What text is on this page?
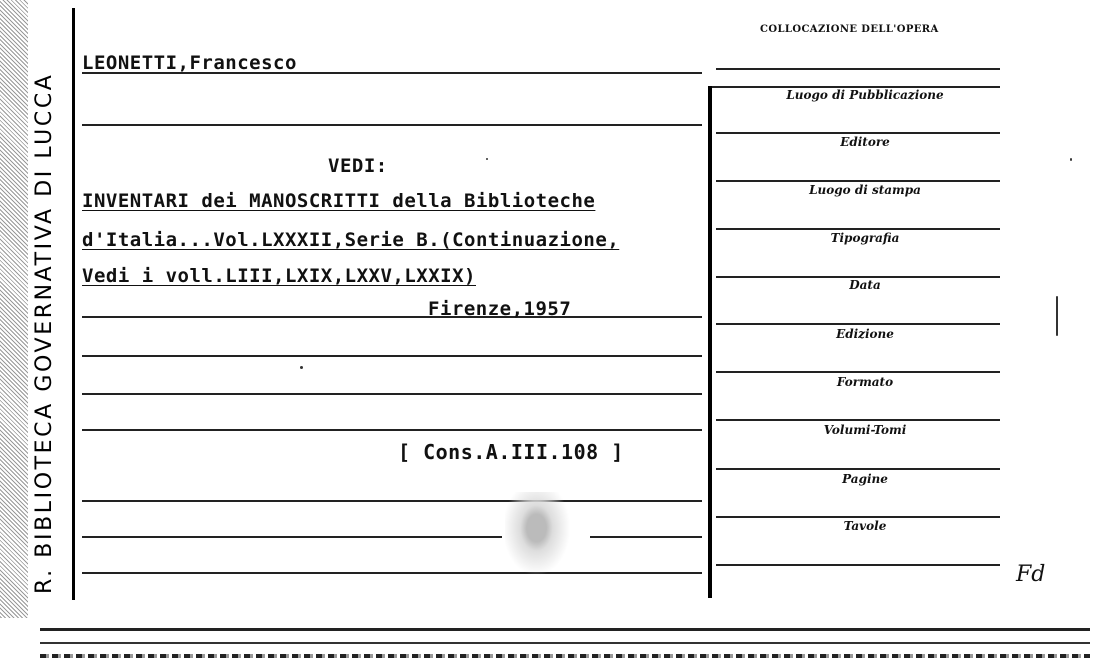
R. BIBLIOTECA GOVERNATIVA DI LUCCA
LEONETTI,Francesco
VEDI:
INVENTARI dei MANOSCRITTI della Biblioteche
d'Italia...Vol.LXXXII,Serie B.(Continuazione,
Vedi i voll.LIII,LXIX,LXXV,LXXIX)
Firenze,1957
[ Cons.A.III.108 ]
COLLOCAZIONE DELL'OPERA
Luogo di Pubblicazione
Editore
Luogo di stampa
Tipografia
Data
Edizione
Formato
Volumi-Tomi
Pagine
Tavole
Fd
